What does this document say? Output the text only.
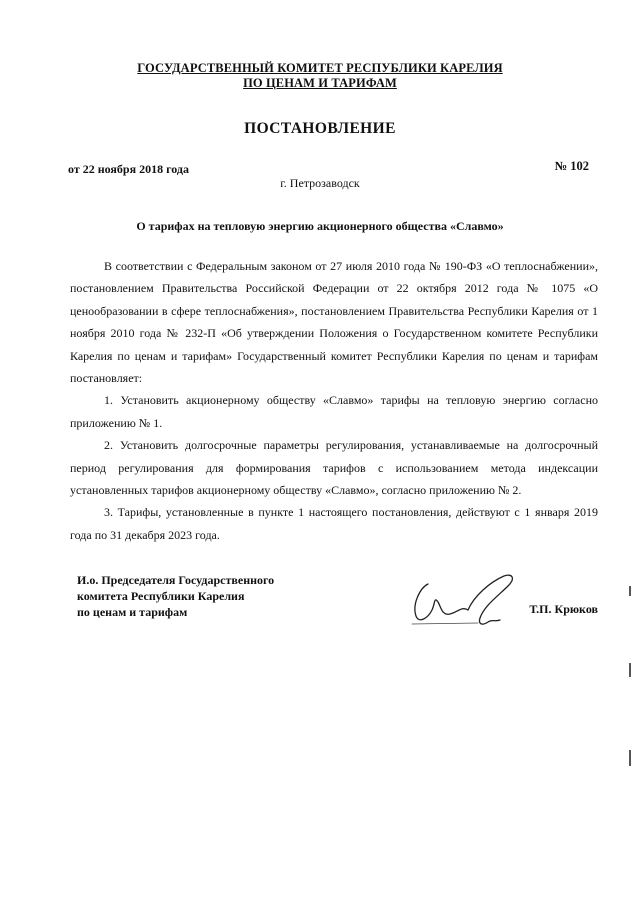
ГОСУДАРСТВЕННЫЙ КОМИТЕТ РЕСПУБЛИКИ КАРЕЛИЯ
ПО ЦЕНАМ И ТАРИФАМ
ПОСТАНОВЛЕНИЕ
от 22 ноября 2018 года	№ 102
г. Петрозаводск
О тарифах на тепловую энергию акционерного общества «Славмо»

В соответствии с Федеральным законом от 27 июля 2010 года № 190-ФЗ «О теплоснабжении», постановлением Правительства Российской Федерации от 22 октября 2012 года № 1075 «О ценообразовании в сфере теплоснабжения», постановлением Правительства Республики Карелия от 1 ноября 2010 года № 232-П «Об утверждении Положения о Государственном комитете Республики Карелия по ценам и тарифам» Государственный комитет Республики Карелия по ценам и тарифам постановляет:

1. Установить акционерному обществу «Славмо» тарифы на тепловую энергию согласно приложению № 1.

2. Установить долгосрочные параметры регулирования, устанавливаемые на долгосрочный период регулирования для формирования тарифов с использованием метода индексации установленных тарифов акционерному обществу «Славмо», согласно приложению № 2.

3. Тарифы, установленные в пункте 1 настоящего постановления, действуют с 1 января 2019 года по 31 декабря 2023 года.

И.о. Председателя Государственного
комитета Республики Карелия
по ценам и тарифам	Т.П. Крюков
